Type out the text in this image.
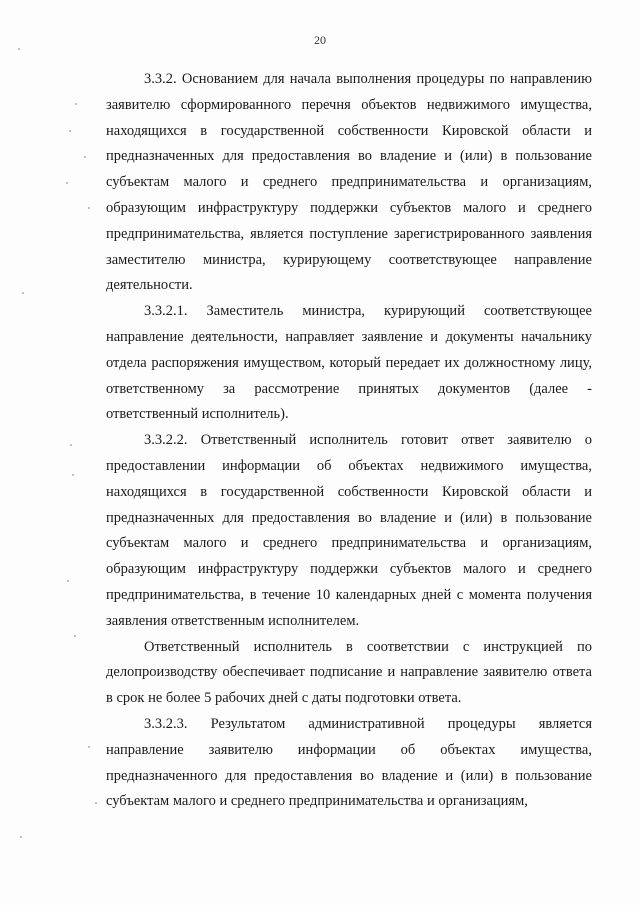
20

3.3.2. Основанием для начала выполнения процедуры по направлению заявителю сформированного перечня объектов недвижимого имущества, находящихся в государственной собственности Кировской области и предназначенных для предоставления во владение и (или) в пользование субъектам малого и среднего предпринимательства и организациям, образующим инфраструктуру поддержки субъектов малого и среднего предпринимательства, является поступление зарегистрированного заявления заместителю министра, курирующему соответствующее направление деятельности.

3.3.2.1. Заместитель министра, курирующий соответствующее направление деятельности, направляет заявление и документы начальнику отдела распоряжения имуществом, который передает их должностному лицу, ответственному за рассмотрение принятых документов (далее - ответственный исполнитель).

3.3.2.2. Ответственный исполнитель готовит ответ заявителю о предоставлении информации об объектах недвижимого имущества, находящихся в государственной собственности Кировской области и предназначенных для предоставления во владение и (или) в пользование субъектам малого и среднего предпринимательства и организациям, образующим инфраструктуру поддержки субъектов малого и среднего предпринимательства, в течение 10 календарных дней с момента получения заявления ответственным исполнителем.

Ответственный исполнитель в соответствии с инструкцией по делопроизводству обеспечивает подписание и направление заявителю ответа в срок не более 5 рабочих дней с даты подготовки ответа.

3.3.2.3. Результатом административной процедуры является направление заявителю информации об объектах имущества, предназначенного для предоставления во владение и (или) в пользование субъектам малого и среднего предпринимательства и организациям,
